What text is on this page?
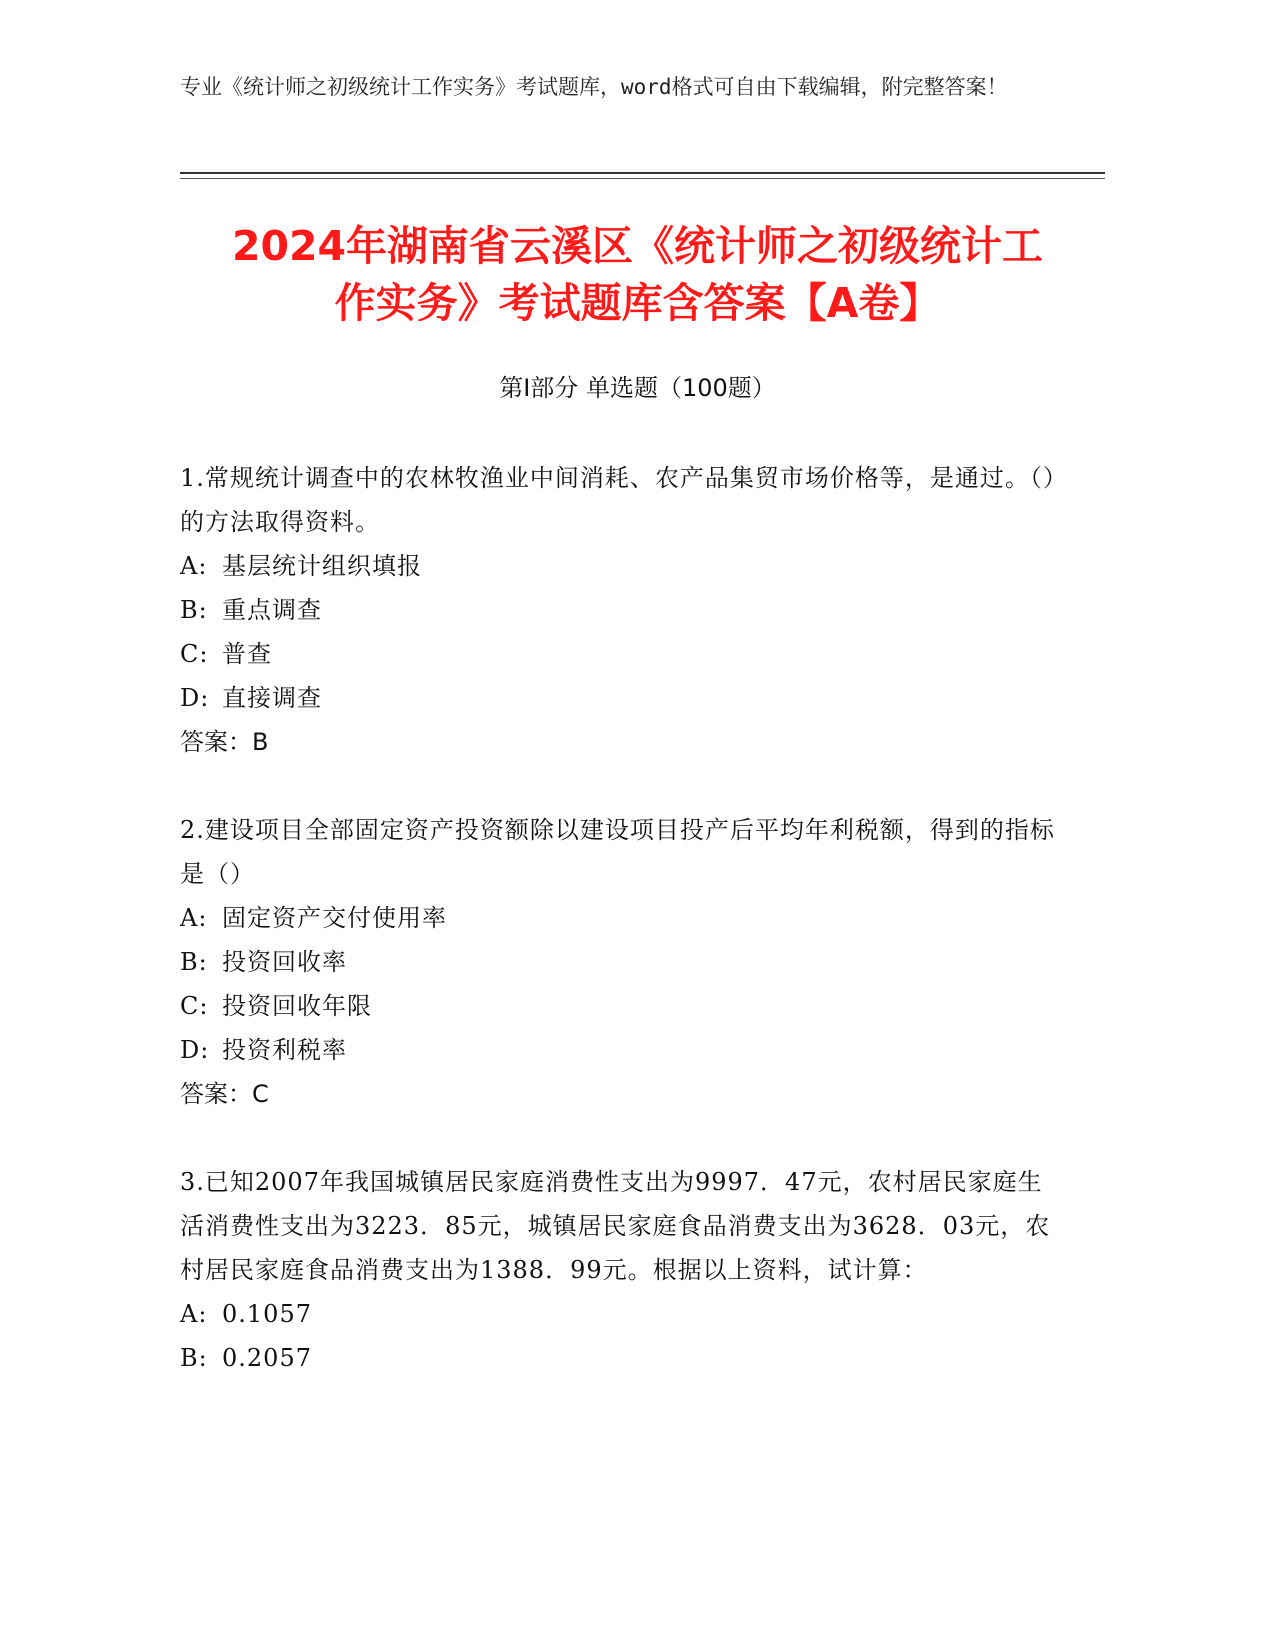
专业《统计师之初级统计工作实务》考试题库，word格式可自由下载编辑，附完整答案！
2024年湖南省云溪区《统计师之初级统计工
作实务》考试题库含答案【A卷】
第Ⅰ部分 单选题（100题）
1.常规统计调查中的农林牧渔业中间消耗、农产品集贸市场价格等，是通过。（）的方法取得资料。
A: 基层统计组织填报
B: 重点调查
C: 普查
D: 直接调查
答案：B
2.建设项目全部固定资产投资额除以建设项目投产后平均年利税额，得到的指标是（）
A: 固定资产交付使用率
B: 投资回收率
C: 投资回收年限
D: 投资利税率
答案：C
3.已知2007年我国城镇居民家庭消费性支出为9997．47元，农村居民家庭生活消费性支出为3223．85元，城镇居民家庭食品消费支出为3628．03元，农村居民家庭食品消费支出为1388．99元。根据以上资料，试计算：
A: 0.1057
B: 0.2057
